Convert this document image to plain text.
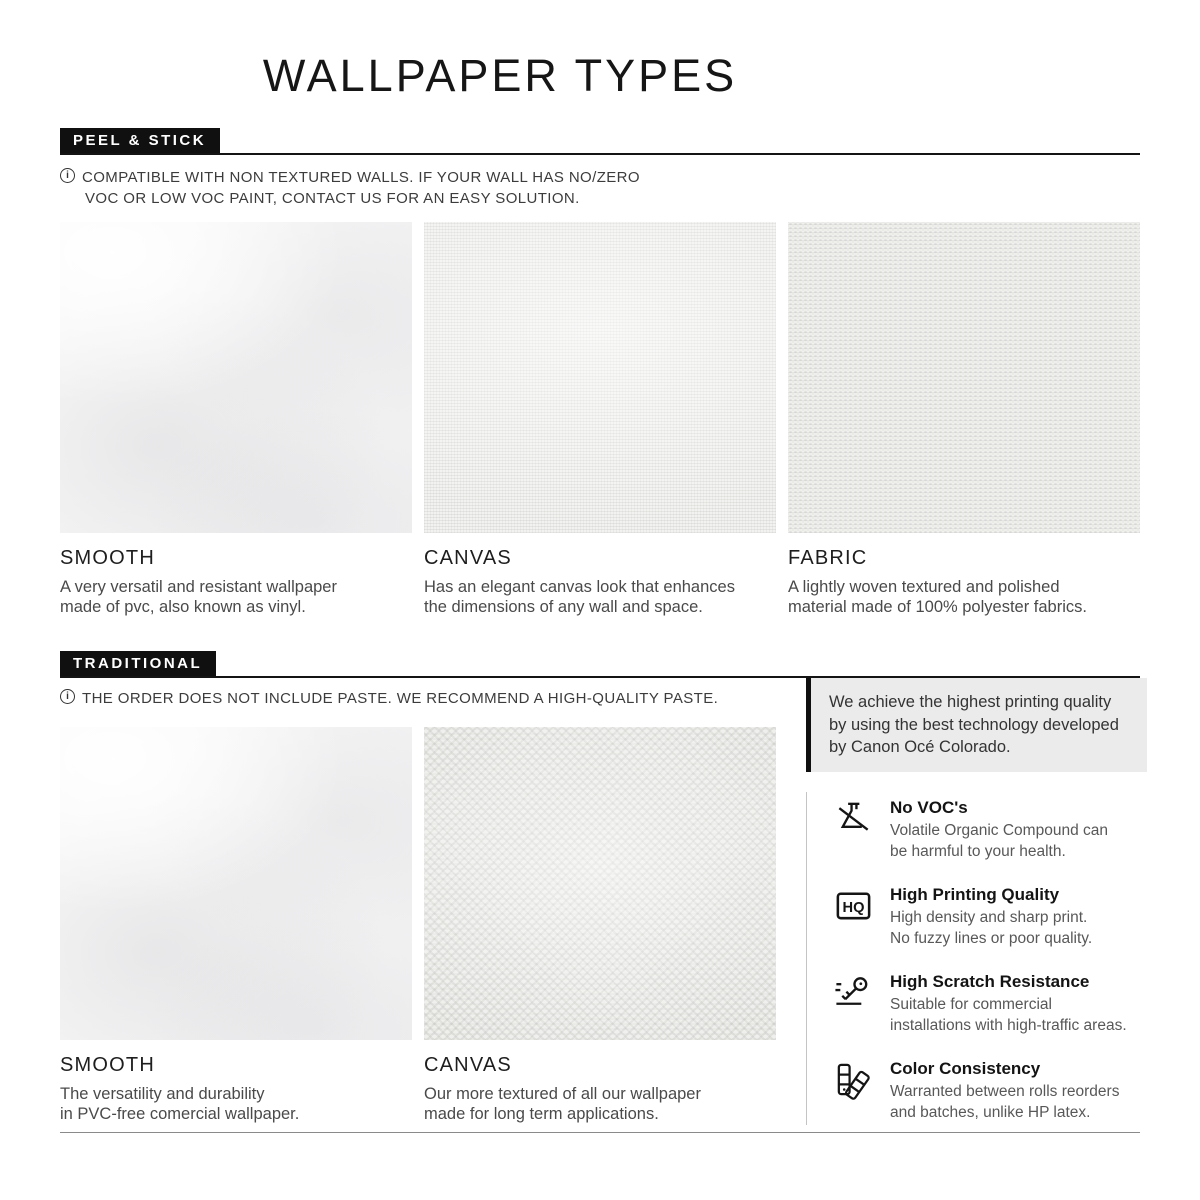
WALLPAPER TYPES
PEEL & STICK
i COMPATIBLE WITH NON TEXTURED WALLS. IF YOUR WALL HAS NO/ZERO
VOC OR LOW VOC PAINT, CONTACT US FOR AN EASY SOLUTION.
SMOOTH

A very versatil and resistant wallpaper
made of pvc, also known as vinyl.

CANVAS

Has an elegant canvas look that enhances
the dimensions of any wall and space.

FABRIC

A lightly woven textured and polished
material made of 100% polyester fabrics.

TRADITIONAL
i THE ORDER DOES NOT INCLUDE PASTE. WE RECOMMEND A HIGH-QUALITY PASTE.
SMOOTH

The versatility and durability
in PVC-free comercial wallpaper.

CANVAS

Our more textured of all our wallpaper
made for long term applications.

We achieve the highest printing quality by using the best technology developed by Canon Océ Colorado.
No VOC's
Volatile Organic Compound can
be harmful to your health.
HQ
High Printing Quality
High density and sharp print.
No fuzzy lines or poor quality.
High Scratch Resistance
Suitable for commercial
installations with high-traffic areas.
Color Consistency
Warranted between rolls reorders
and batches, unlike HP latex.
